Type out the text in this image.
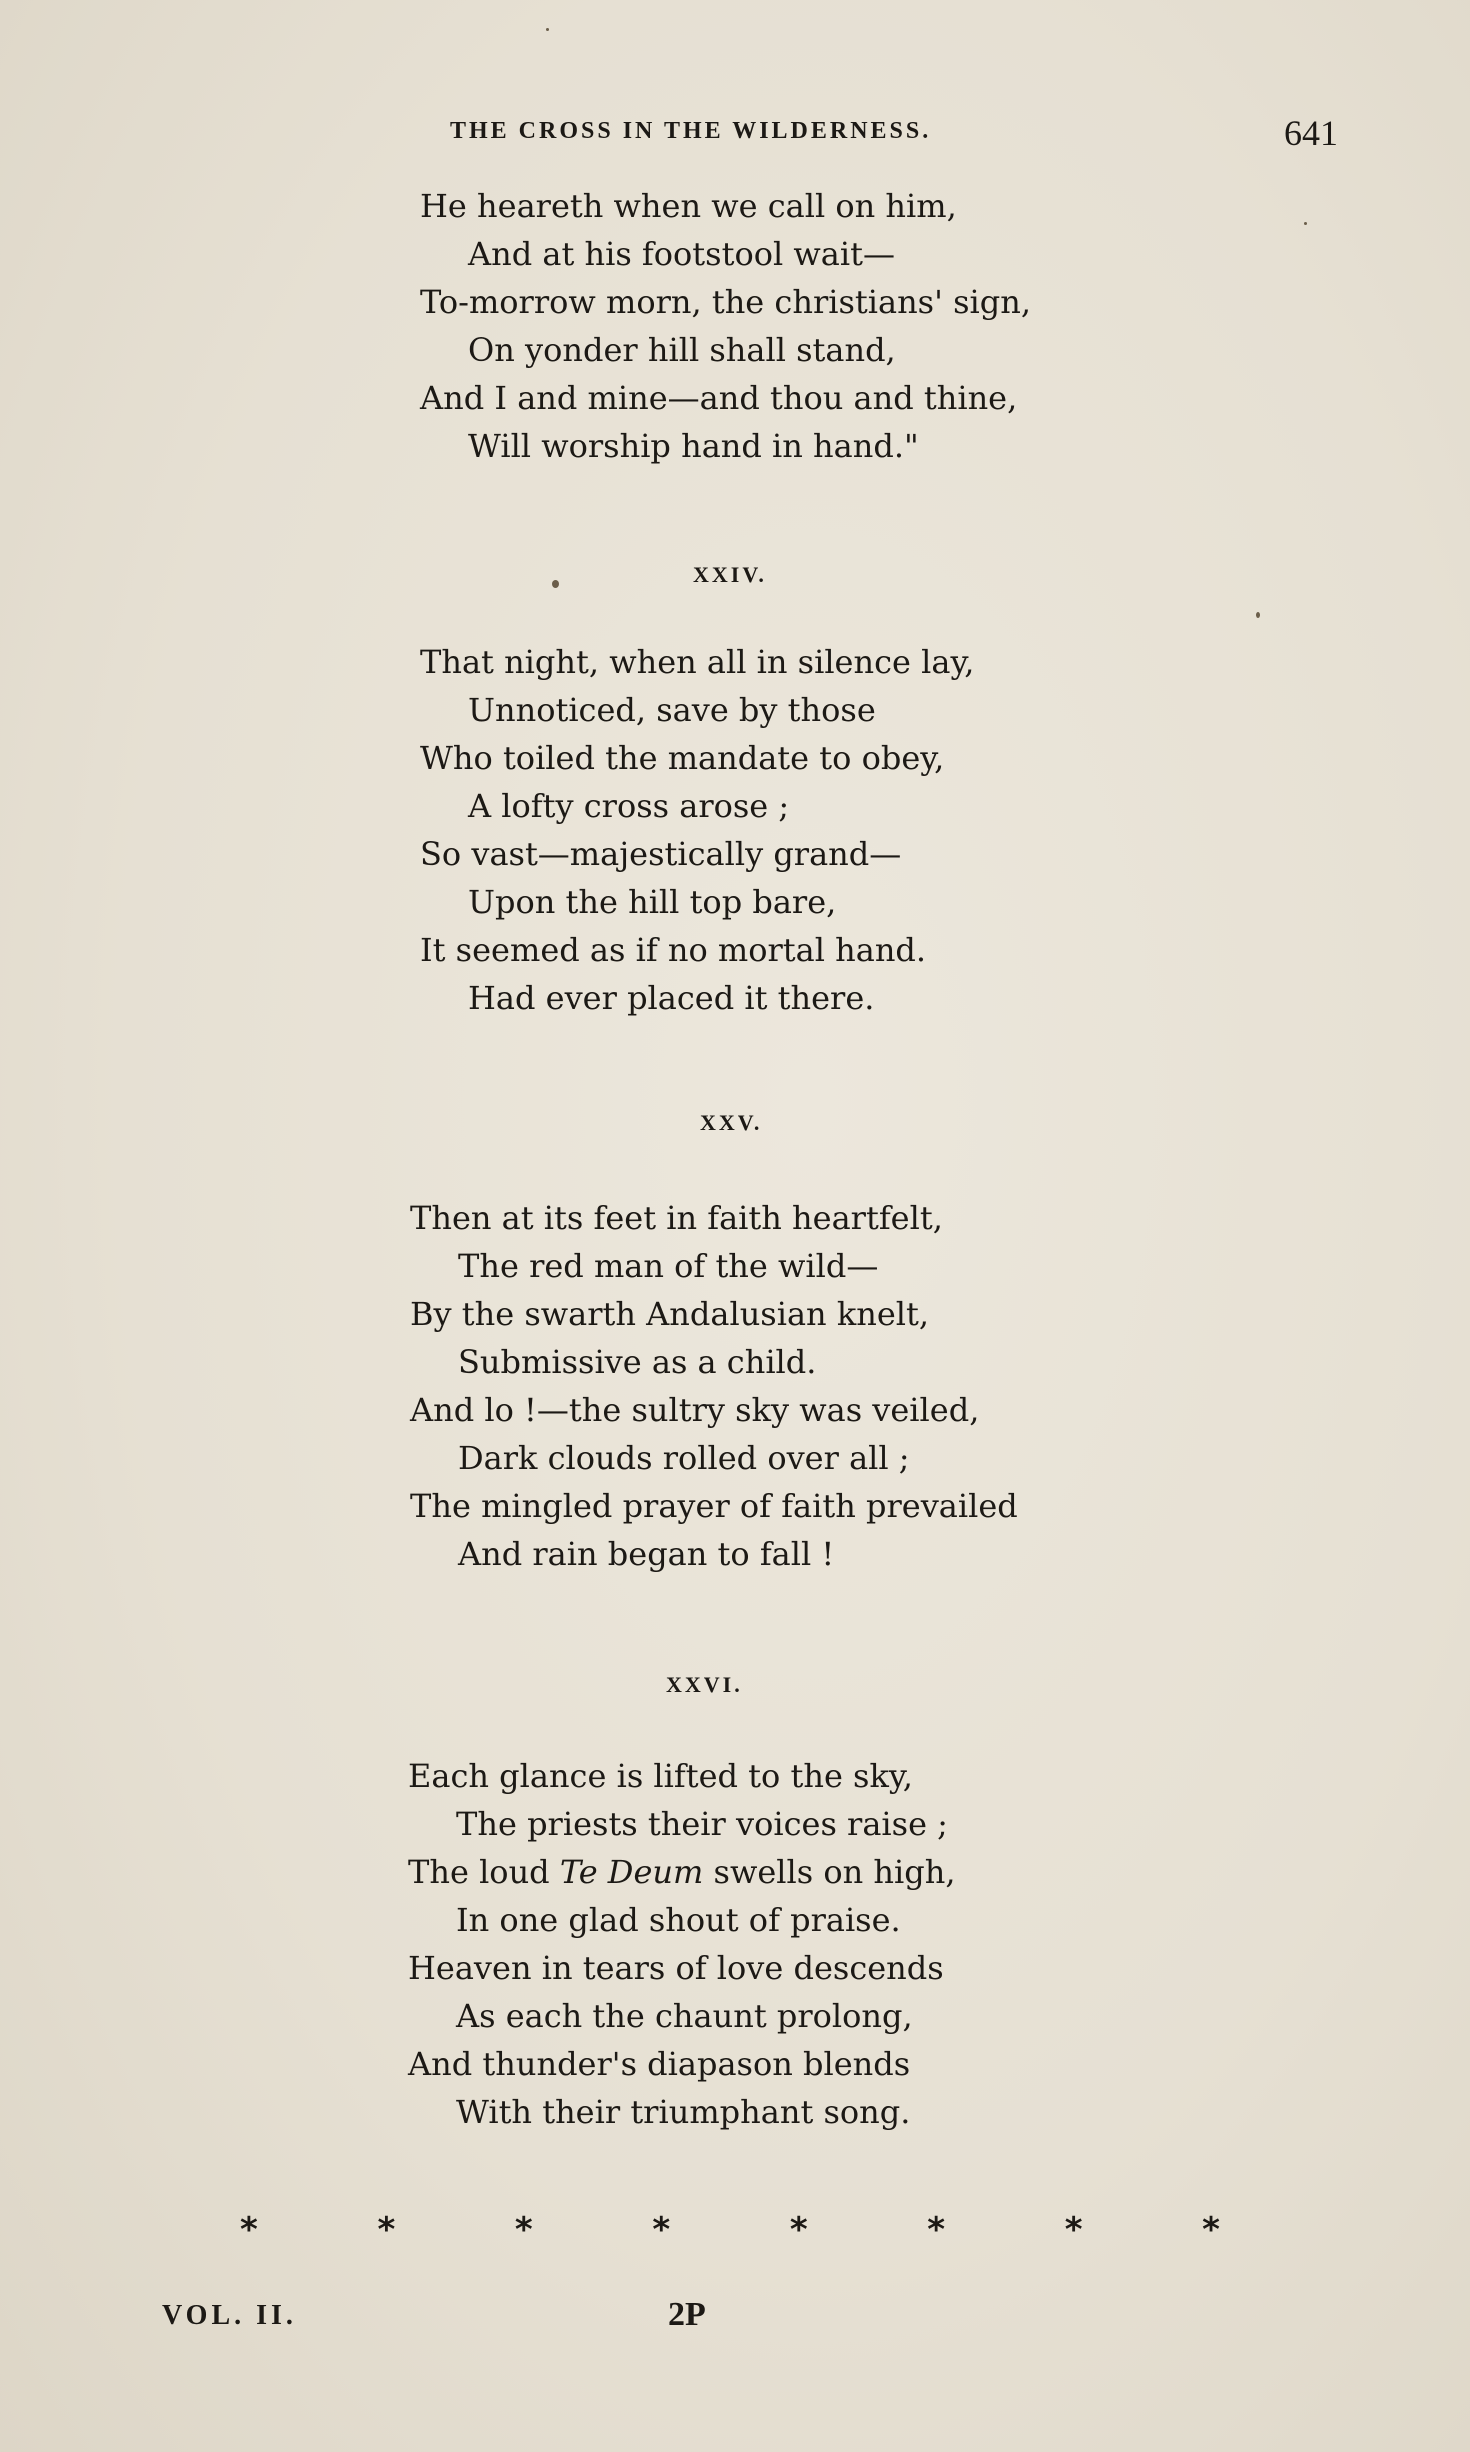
THE CROSS IN THE WILDERNESS.	641
He heareth when we call on him,
And at his footstool wait—
To-morrow morn, the christians' sign,
On yonder hill shall stand,
And I and mine—and thou and thine,
Will worship hand in hand."
XXIV.
That night, when all in silence lay,
Unnoticed, save by those
Who toiled the mandate to obey,
A lofty cross arose ;
So vast—majestically grand—
Upon the hill top bare,
It seemed as if no mortal hand.
Had ever placed it there.
XXV.
Then at its feet in faith heartfelt,
The red man of the wild—
By the swarth Andalusian knelt,
Submissive as a child.
And lo !—the sultry sky was veiled,
Dark clouds rolled over all ;
The mingled prayer of faith prevailed
And rain began to fall !
XXVI.
Each glance is lifted to the sky,
The priests their voices raise ;
The loud Te Deum swells on high,
In one glad shout of praise.
Heaven in tears of love descends
As each the chaunt prolong,
And thunder's diapason blends
With their triumphant song.
*	*	*	*	*	*	*	*
VOL. II.	2P
